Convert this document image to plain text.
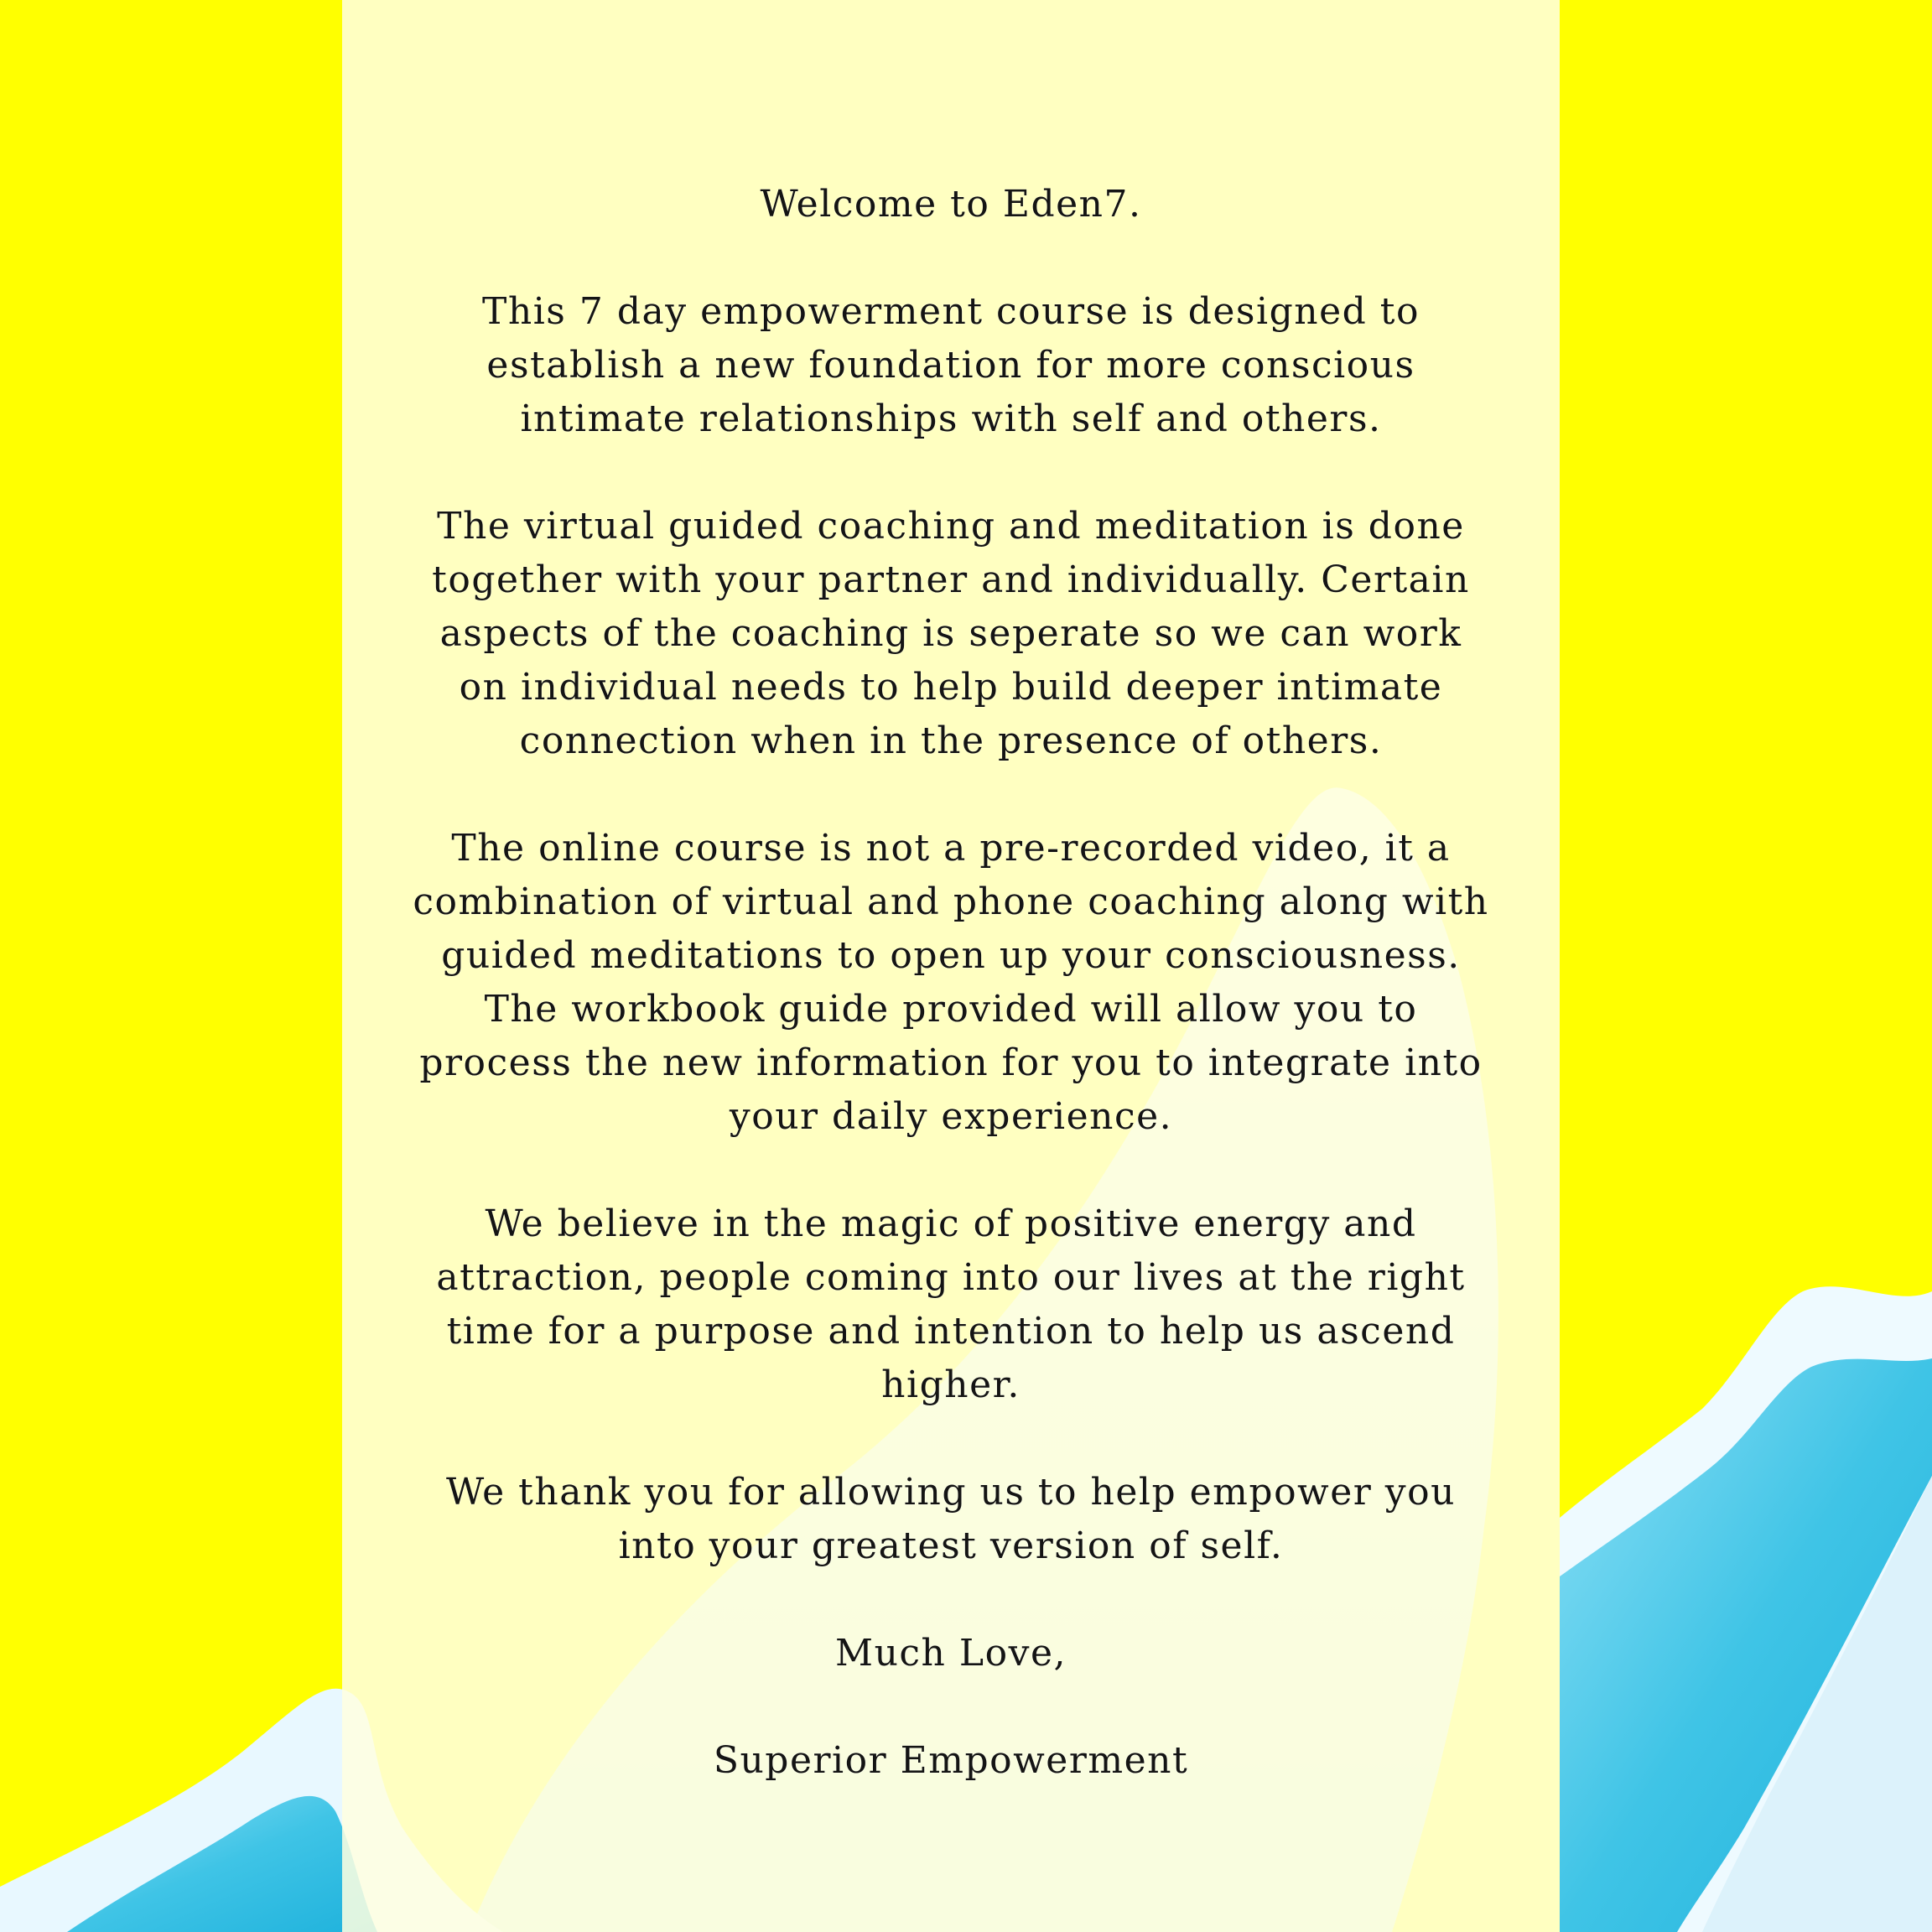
Welcome to Eden7.

This 7 day empowerment course is designed to establish a new foundation for more conscious intimate relationships with self and others.

The virtual guided coaching and meditation is done together with your partner and individually. Certain aspects of the coaching is seperate so we can work on individual needs to help build deeper intimate connection when in the presence of others.

The online course is not a pre-recorded video, it a combination of virtual and phone coaching along with guided meditations to open up your consciousness. The workbook guide provided will allow you to process the new information for you to integrate into your daily experience.

We believe in the magic of positive energy and attraction, people coming into our lives at the right time for a purpose and intention to help us ascend higher.

We thank you for allowing us to help empower you into your greatest version of self.

Much Love,

Superior Empowerment
